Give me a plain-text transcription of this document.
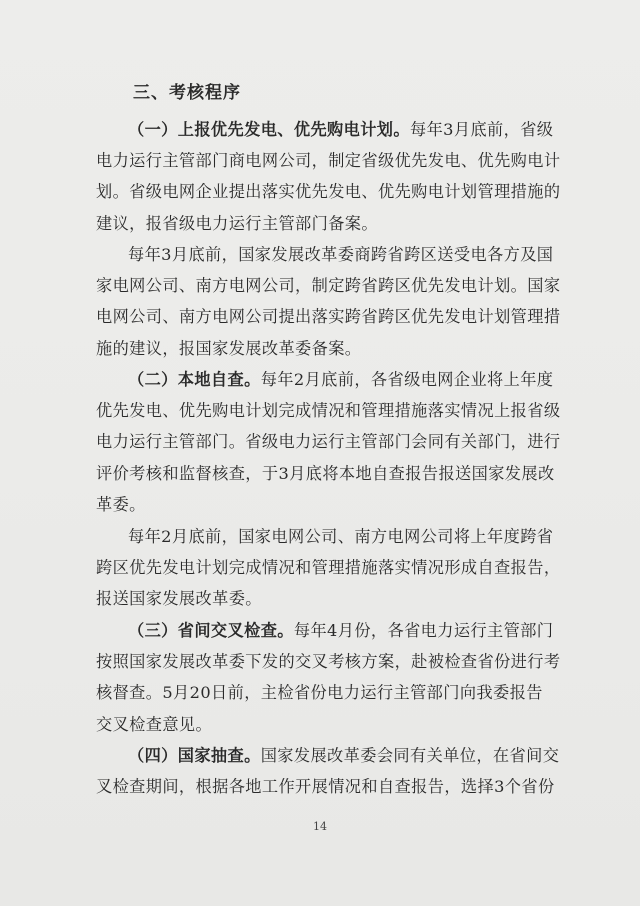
三、考核程序
（一）上报优先发电、优先购电计划。每年3月底前，省级
电力运行主管部门商电网公司，制定省级优先发电、优先购电计
划。省级电网企业提出落实优先发电、优先购电计划管理措施的
建议，报省级电力运行主管部门备案。
每年3月底前，国家发展改革委商跨省跨区送受电各方及国
家电网公司、南方电网公司，制定跨省跨区优先发电计划。国家
电网公司、南方电网公司提出落实跨省跨区优先发电计划管理措
施的建议，报国家发展改革委备案。
（二）本地自查。每年2月底前，各省级电网企业将上年度
优先发电、优先购电计划完成情况和管理措施落实情况上报省级
电力运行主管部门。省级电力运行主管部门会同有关部门，进行
评价考核和监督核查，于3月底将本地自查报告报送国家发展改
革委。
每年2月底前，国家电网公司、南方电网公司将上年度跨省
跨区优先发电计划完成情况和管理措施落实情况形成自查报告，
报送国家发展改革委。
（三）省间交叉检查。每年4月份，各省电力运行主管部门
按照国家发展改革委下发的交叉考核方案，赴被检查省份进行考
核督查。5月20日前，主检省份电力运行主管部门向我委报告
交叉检查意见。
（四）国家抽查。国家发展改革委会同有关单位，在省间交
叉检查期间，根据各地工作开展情况和自查报告，选择3个省份
14
